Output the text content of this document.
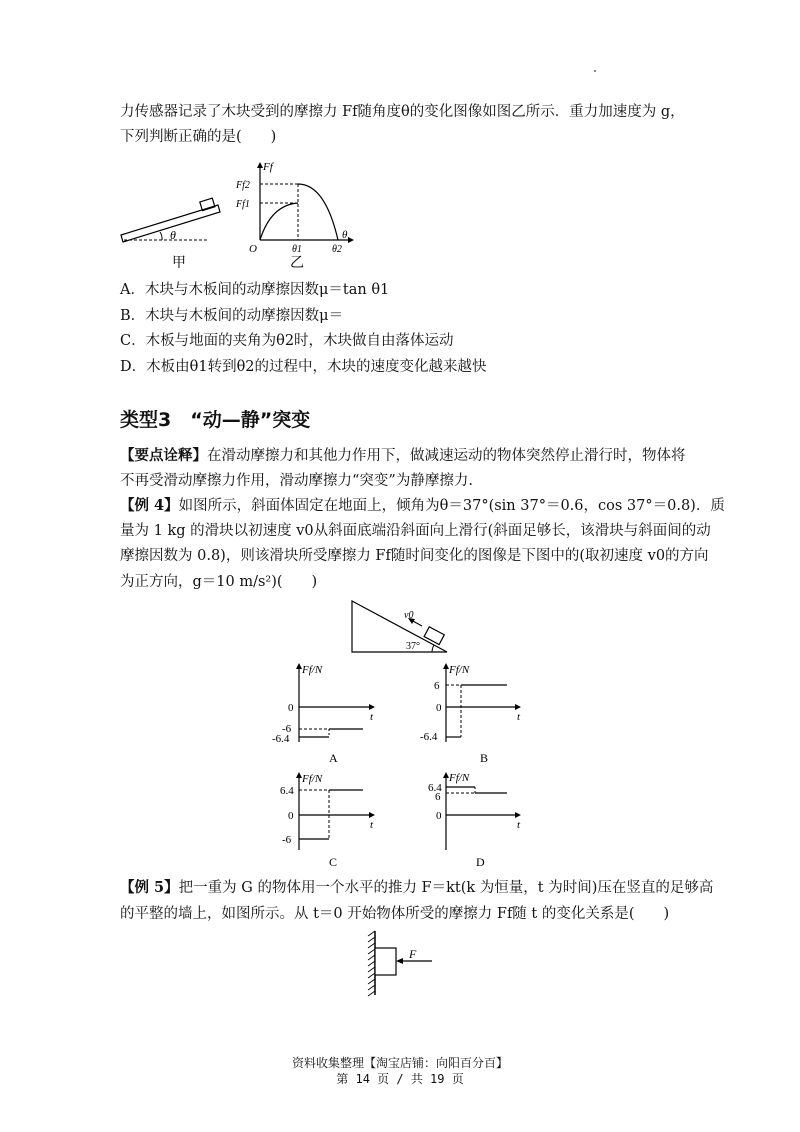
力传感器记录了木块受到的摩擦力 Ff随角度θ的变化图像如图乙所示．重力加速度为 g，
下列判断正确的是(　　)
θ
甲
Ff
θ
O
Ff2
Ff1
θ1	θ2
乙
A．木块与木板间的动摩擦因数μ＝tan θ1
B．木块与木板间的动摩擦因数μ＝
C．木板与地面的夹角为θ2时，木块做自由落体运动
D．木板由θ1转到θ2的过程中，木块的速度变化越来越快
类型3　“动—静”突变
【要点诠释】在滑动摩擦力和其他力作用下，做减速运动的物体突然停止滑行时，物体将
不再受滑动摩擦力作用，滑动摩擦力“突变”为静摩擦力.
【例 4】如图所示，斜面体固定在地面上，倾角为θ＝37°(sin 37°＝0.6，cos 37°＝0.8)．质
量为 1 kg 的滑块以初速度 v0从斜面底端沿斜面向上滑行(斜面足够长，该滑块与斜面间的动
摩擦因数为 0.8)，则该滑块所受摩擦力 Ff随时间变化的图像是下图中的(取初速度 v0的方向
为正方向，g＝10 m/s²)(　　)
v0
37°
Ff/N
t
0
-6
-6.4
A
Ff/N
t
6
0
-6.4
B
Ff/N
t
6.4
0
-6
C
Ff/N
t
6.4
6
0
D
【例 5】把一重为 G 的物体用一个水平的推力 F＝kt(k 为恒量，t 为时间)压在竖直的足够高
的平整的墙上，如图所示。从 t＝0 开始物体所受的摩擦力 Ff随 t 的变化关系是(　　)
F
资料收集整理【淘宝店铺：向阳百分百】
第 14 页 / 共 19 页
